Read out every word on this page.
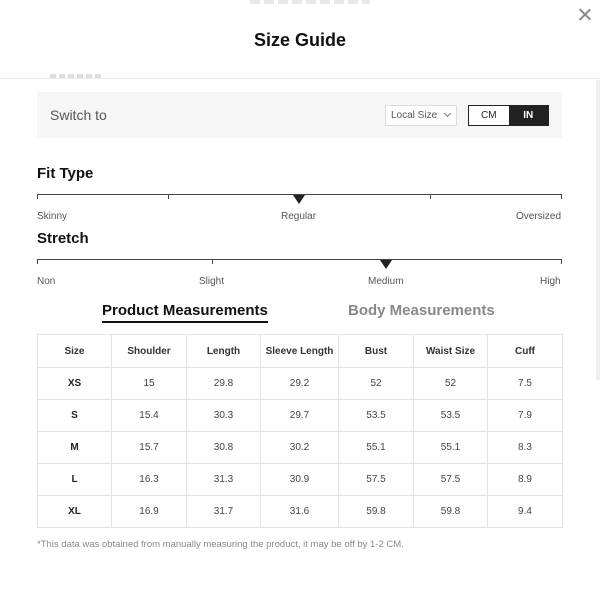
Size Guide
Switch to	Local Size	CM	IN
Fit Type
Skinny	Regular	Oversized
Stretch
Non	Slight	Medium	High
Product Measurements	Body Measurements
Size	Shoulder	Length	Sleeve Length	Bust	Waist Size	Cuff
XS	15	29.8	29.2	52	52	7.5
S	15.4	30.3	29.7	53.5	53.5	7.9
M	15.7	30.8	30.2	55.1	55.1	8.3
L	16.3	31.3	30.9	57.5	57.5	8.9
XL	16.9	31.7	31.6	59.8	59.8	9.4
*This data was obtained from manually measuring the product, it may be off by 1-2 CM.
